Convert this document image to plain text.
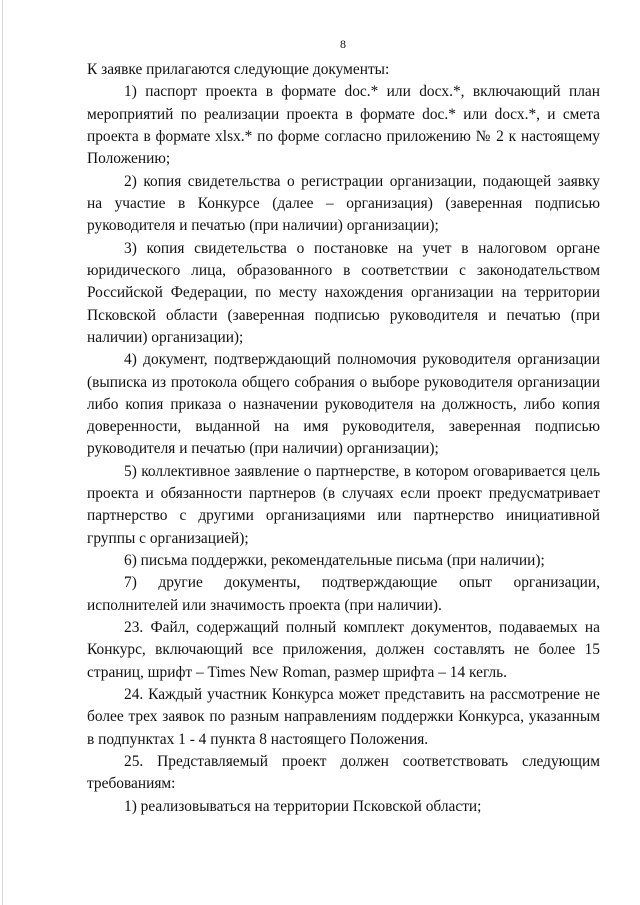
8

К заявке прилагаются следующие документы:

1) паспорт проекта в формате doc.* или docx.*, включающий план мероприятий по реализации проекта в формате doc.* или docx.*, и смета проекта в формате xlsx.* по форме согласно приложению № 2 к настоящему Положению;

2) копия свидетельства о регистрации организации, подающей заявку на участие в Конкурсе (далее – организация) (заверенная подписью руководителя и печатью (при наличии) организации);

3) копия свидетельства о постановке на учет в налоговом органе юридического лица, образованного в соответствии с законодательством Российской Федерации, по месту нахождения организации на территории Псковской области (заверенная подписью руководителя и печатью (при наличии) организации);

4) документ, подтверждающий полномочия руководителя организации (выписка из протокола общего собрания о выборе руководителя организации либо копия приказа о назначении руководителя на должность, либо копия доверенности, выданной на имя руководителя, заверенная подписью руководителя и печатью (при наличии) организации);

5) коллективное заявление о партнерстве, в котором оговаривается цель проекта и обязанности партнеров (в случаях если проект предусматривает партнерство с другими организациями или партнерство инициативной группы с организацией);

6) письма поддержки, рекомендательные письма (при наличии);

7) другие документы, подтверждающие опыт организации, исполнителей или значимость проекта (при наличии).

23. Файл, содержащий полный комплект документов, подаваемых на Конкурс, включающий все приложения, должен составлять не более 15 страниц, шрифт – Times New Roman, размер шрифта – 14 кегль.

24. Каждый участник Конкурса может представить на рассмотрение не более трех заявок по разным направлениям поддержки Конкурса, указанным в подпунктах 1 - 4 пункта 8 настоящего Положения.

25. Представляемый проект должен соответствовать следующим требованиям:

1) реализовываться на территории Псковской области;
